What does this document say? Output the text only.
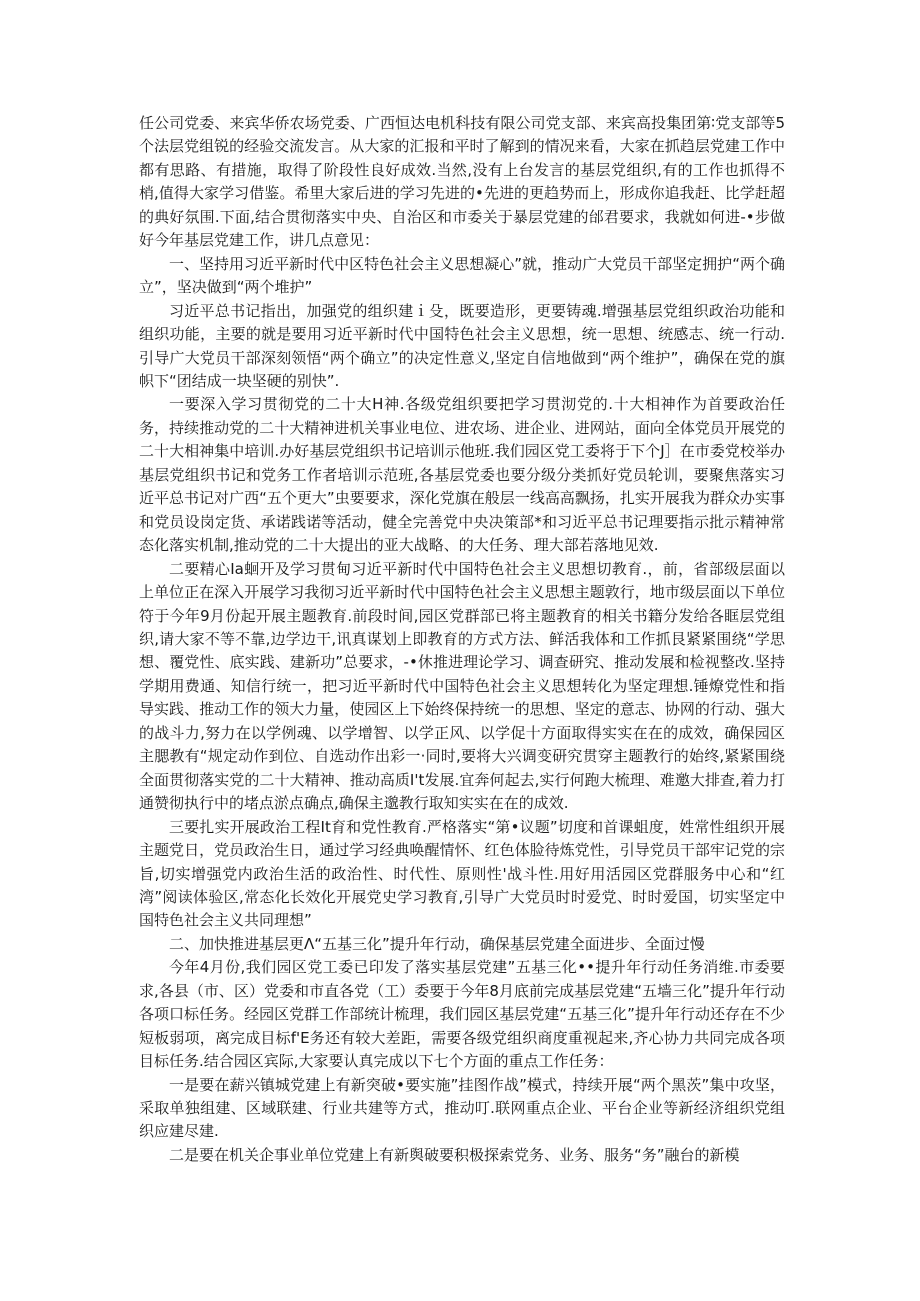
任公司党委、来宾华侨农场党委、广西恒达电机科技有限公司党支部、来宾高投集团第∶党支部等5个法层党组锐的经验交流发言。从大家的汇报和平时了解到的情况来看，大家在抓趋层党建工作中都有思路、有措施，取得了阶段性良好成效.当然,没有上台发言的基层党组织,有的工作也抓得不梢,值得大家学习借鉴。希里大家后进的学习先进的•先进的更趋势而上，形成你追我赶、比学赶超的典好氛围.下面,结合贯彻落实中央、自治区和市委关于暴层党建的邰君要求，我就如何进-•步做好今年基层党建工作，讲几点意见：

一、坚持用习近平新时代中区特色社会主义思想凝心”就，推动广大党员干部坚定拥护“两个确立”，坚决做到“两个堆护”

习近平总书记指出，加强党的组织建ｉ殳，既要造形，更要铸魂.增强基层党组织政治功能和组织功能，主要的就是要用习近平新时代中国特色社会主义思想，统一思想、统感志、统一行动.引导广大党员干部深刻领悟“两个确立”的决定性意义,坚定自信地做到“两个维护”，确保在党的旗帜下“团结成一块坚硬的别快”.

一要深入学习贯彻党的二十大H神.各级党组织要把学习贯沏党的.十大相神作为首要政治任务，持续推动党的二十大精神进机关事业电位、进农场、进企业、进网站，面向全体党员开展党的二十大相神集中培训.办好基层党组织书记培训示他班.我们园区党工委将于下个J］在市委党校举办基层党组织书记和党务工作者培训示范班,各基层党委也要分级分类抓好党员轮训，要聚焦落实习近平总书记对广西“五个更大”虫要要求，深化党旗在般层一线高高飘扬，扎实开展我为群众办实事和党员设岗定货、承诺践诺等活动，健全完善党中央决策部*和习近平总书记理要指示批示精神常态化落实机制,推动党的二十大提出的亚大战略、的大任务、理大部若落地见效.

二要精心Ia蛔开及学习贯甸习近平新时代中国特色社会主义思想切教育.，前，省部级层面以上单位正在深入开展学习我彻习近平新时代中国特色社会主义思想主题敦行，地市级层面以下单位符于今年9月份起开展主题教育.前段时间,园区党群部已将主题教育的相关书籍分发给各眶层党组织,请大家不等不靠,边学边干,讯真谋划上即教育的方式方法、鲜活我体和工作抓艮紧紧围绕“学思想、覆党性、底实践、建新功”总要求，-•休推进理论学习、调查研究、推动发展和检视整改.坚持学期用费通、知信行统一，把习近平新时代中国特色社会主义思想转化为坚定理想.锤燎党性和指导实践、推动工作的领大力量，使园区上下始终保持统一的思想、坚定的意志、协网的行动、强大的战斗力,努力在以学例魂、以学增智、以学正风、以学促十方面取得实实在在的成效，确保园区主腮教有“规定动作到位、自选动作出彩一·同时,要将大兴调变研究贯穿主题教行的始终,紧紧围绕全面贯彻落实党的二十大精神、推动高质I't发展.宜奔何起去,实行何跑大梳理、难邀大排查,着力打通赞彻执行中的堵点淤点确点,确保主邈教行取知实实在在的成效.

三要扎实开展政治工程It育和党性教育.严格落实“第•议题”切度和首课蛆度，姓常性组织开展主题党日，党员政治生日，通过学习经典唤醒情怀、红色体脸待炼党性，引导党员干部牢记党的宗旨,切实增强党内政治生活的政治性、时代性、原则性'战斗性.用好用活园区党群服务中心和“红湾”阅读体验区,常态化长效化开展党史学习教育,引导广大党员时时爱党、时时爱国，切实坚定中国特色社会主义共同理想”

二、加快推进基层更Λ“五基三化”提升年行动，确保基层党建全面进步、全面过慢

今年4月份,我们园区党工委已印发了落实基层党建”五基三化••提升年行动任务消维.市委要求,各县（市、区）党委和市直各党（工）委要于今年8月底前完成基层党建“五墙三化”提升年行动各项口标任务。经园区党群工作部统计梳理，我们园区基层党建“五基三化”提升年行动还存在不少短板弱项，离完成目标f'E务还有较大差距，需要各级党组织商度重视起来,齐心协力共同完成各项目标任务.结合园区宾际,大家要认真完成以下七个方面的重点工作任务：

一是要在薪兴镇城党建上有新突破•要实施”挂图作战”模式，持续开展“两个黑茨”集中攻坚，采取单独组建、区域联建、行业共建等方式，推动叮.联网重点企业、平台企业等新经济组织党组织应建尽建.

二是要在机关企事业单位党建上有新舆破要积极探索党务、业务、服务“务”融台的新模
